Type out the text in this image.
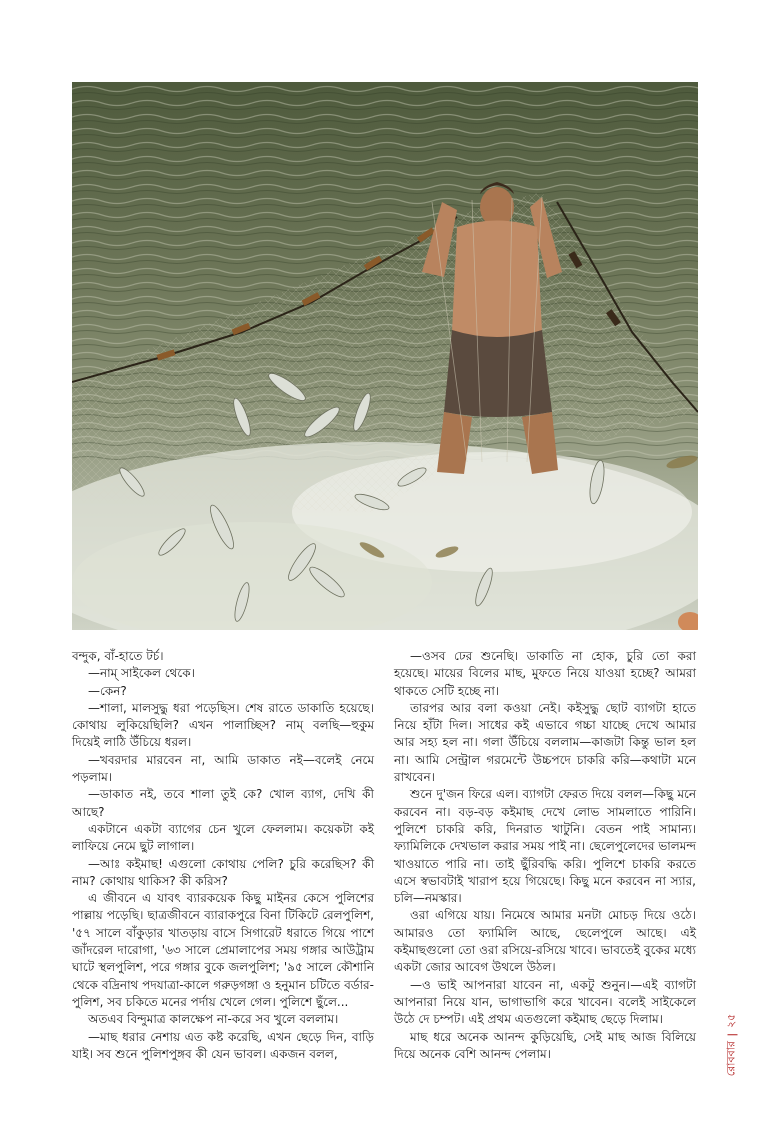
বন্দুক, বাঁ-হাতে টর্চ।

—নাম্‌ সাইকেল থেকে।

—কেন?

—শালা, মালসুদ্ধু ধরা পড়েছিস। শেষ রাতে ডাকাতি হয়েছে। কোথায় লুকিয়েছিলি? এখন পালাচ্ছিস? নাম্‌ বলছি—হুকুম দিয়েই লাঠি উঁচিয়ে ধরল।

—খবরদার মারবেন না, আমি ডাকাত নই—বলেই নেমে পড়লাম।

—ডাকাত নই, তবে শালা তুই কে? খোল ব্যাগ, দেখি কী আছে?

একটানে একটা ব্যাগের চেন খুলে ফেললাম। কয়েকটা কই লাফিয়ে নেমে ছুট লাগাল।

—আঃ কইমাছ! এগুলো কোথায় পেলি? চুরি করেছিস? কী নাম? কোথায় থাকিস? কী করিস?

এ জীবনে এ যাবৎ ব্যারকয়েক কিছু মাইনর কেসে পুলিশের পাল্লায় পড়েছি। ছাত্রজীবনে ব্যারাকপুরে বিনা টিকিটে রেলপুলিশ, '৫৭ সালে বাঁকুড়ার খাতড়ায় বাসে সিগারেট ধরাতে গিয়ে পাশে জাঁদরেল দারোগা, '৬৩ সালে প্রেমালাপের সময় গঙ্গার আউট্রাম ঘাটে স্থলপুলিশ, পরে গঙ্গার বুকে জলপুলিশ; '৯৫ সালে কৌশানি থেকে বদ্রিনাথ পদযাত্রা-কালে গরুড়গঙ্গা ও হনুমান চটিতে বর্ডার-পুলিশ, সব চকিতে মনের পর্দায় খেলে গেল। পুলিশে ছুঁলে...

অতএব বিন্দুমাত্র কালক্ষেপ না-করে সব খুলে বললাম।

—মাছ ধরার নেশায় এত কষ্ট করেছি, এখন ছেড়ে দিন, বাড়ি যাই। সব শুনে পুলিশপুঙ্গব কী যেন ভাবল। একজন বলল,

—ওসব ঢের শুনেছি। ডাকাতি না হোক, চুরি তো করা হয়েছে। মায়ের বিলের মাছ, মুফতে নিয়ে যাওয়া হচ্ছে? আমরা থাকতে সেটি হচ্ছে না।

তারপর আর বলা কওয়া নেই। কইসুদ্ধু ছোট ব্যাগটা হাতে নিয়ে হাঁটা দিল। সাধের কই এভাবে গচ্চা যাচ্ছে দেখে আমার আর সহ্য হল না। গলা উঁচিয়ে বললাম—কাজটা কিন্তু ভাল হল না। আমি সেন্ট্রাল গরমেন্টে উচ্চপদে চাকরি করি—কথাটা মনে রাখবেন।

শুনে দু'জন ফিরে এল। ব্যাগটা ফেরত দিয়ে বলল—কিছু মনে করবেন না। বড়-বড় কইমাছ দেখে লোভ সামলাতে পারিনি। পুলিশে চাকরি করি, দিনরাত খাটুনি। বেতন পাই সামান্য। ফ্যামিলিকে দেখভাল করার সময় পাই না। ছেলেপুলেদের ভালমন্দ খাওয়াতে পারি না। তাই ছুঁরিবদ্ধি করি। পুলিশে চাকরি করতে এসে স্বভাবটাই খারাপ হয়ে গিয়েছে। কিছু মনে করবেন না স্যার, চলি—নমস্কার।

ওরা এগিয়ে যায়। নিমেষে আমার মনটা মোচড় দিয়ে ওঠে। আমারও তো ফ্যামিলি আছে, ছেলেপুলে আছে। এই কইমাছগুলো তো ওরা রসিয়ে-রসিয়ে খাবে। ভাবতেই বুকের মধ্যে একটা জোর আবেগ উথলে উঠল।

—ও ভাই আপনারা যাবেন না, একটু শুনুন।—এই ব্যাগটা আপনারা নিয়ে যান, ভাগাভাগি করে খাবেন। বলেই সাইকেলে উঠে দে চম্পট। এই প্রথম এতগুলো কইমাছ ছেড়ে দিলাম।

মাছ ধরে অনেক আনন্দ কুড়িয়েছি, সেই মাছ আজ বিলিয়ে দিয়ে অনেক বেশি আনন্দ পেলাম।	রোববার
২৫
